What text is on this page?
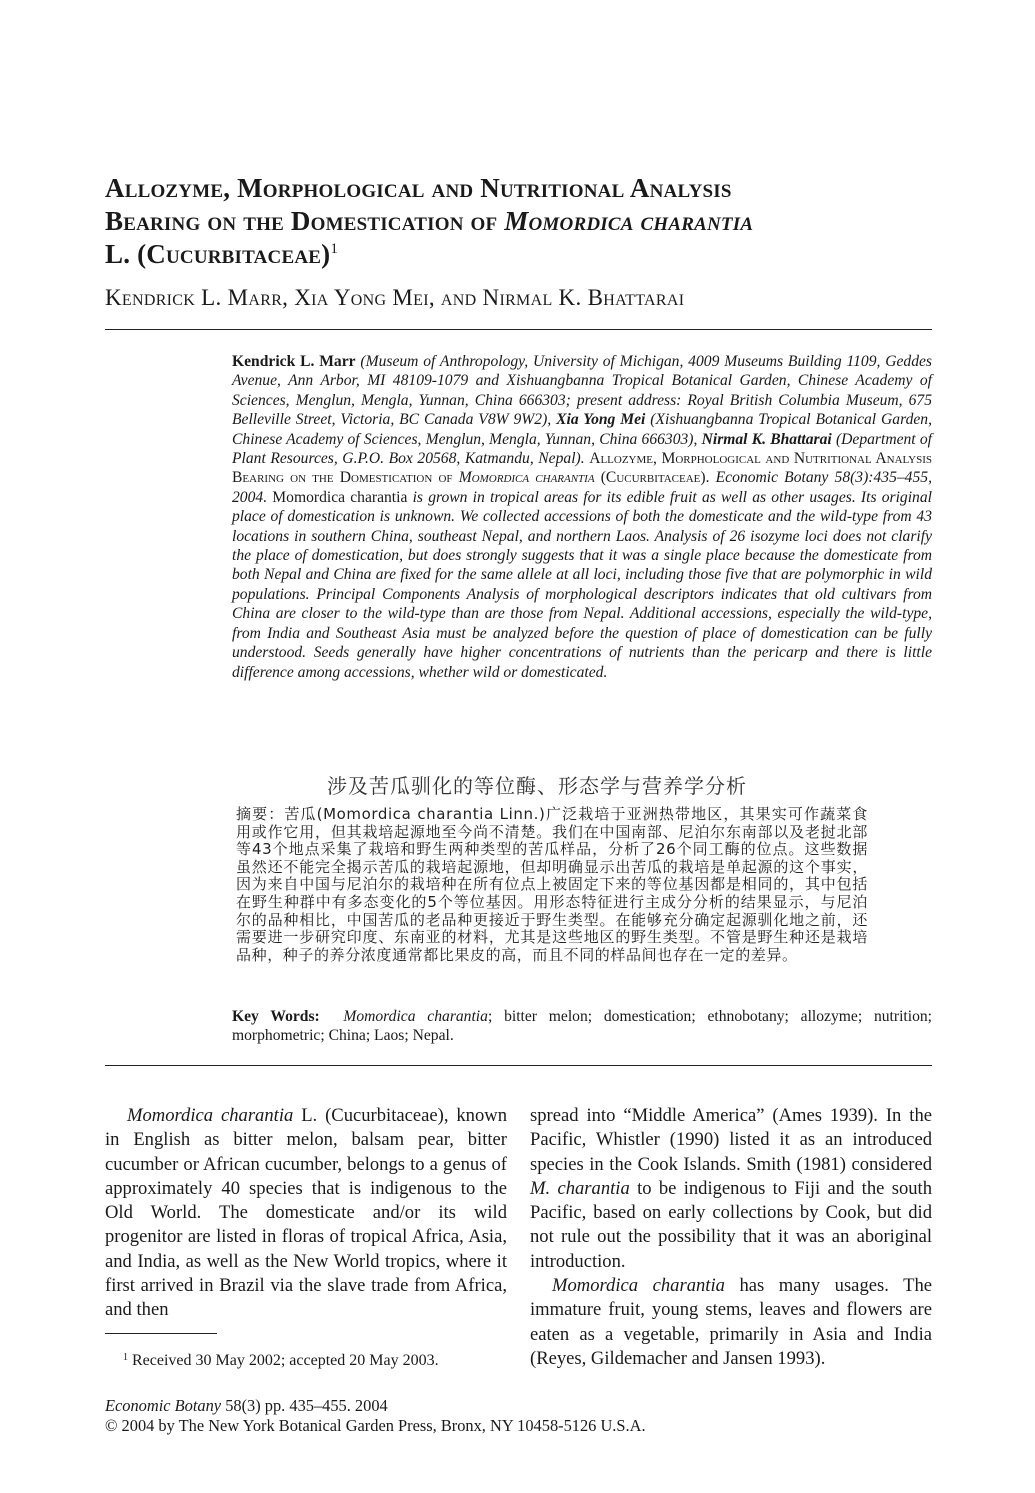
Allozyme, Morphological and Nutritional Analysis
Bearing on the Domestication of Momordica charantia
L. (Cucurbitaceae)$^1$
Kendrick L. Marr, Xia Yong Mei, and Nirmal K. Bhattarai

Kendrick L. Marr (Museum of Anthropology, University of Michigan, 4009 Museums Building 1109, Geddes Avenue, Ann Arbor, MI 48109-1079 and Xishuangbanna Tropical Botanical Garden, Chinese Academy of Sciences, Menglun, Mengla, Yunnan, China 666303; present address: Royal British Columbia Museum, 675 Belleville Street, Victoria, BC Canada V8W 9W2), Xia Yong Mei (Xishuangbanna Tropical Botanical Garden, Chinese Academy of Sciences, Menglun, Mengla, Yunnan, China 666303), Nirmal K. Bhattarai (Department of Plant Resources, G.P.O. Box 20568, Katmandu, Nepal). Allozyme, Morphological and Nutritional Analysis Bearing on the Domestication of Momordica charantia (Cucurbitaceae). Economic Botany 58(3):435–455, 2004. Momordica charantia is grown in tropical areas for its edible fruit as well as other usages. Its original place of domestication is unknown. We collected accessions of both the domesticate and the wild-type from 43 locations in southern China, southeast Nepal, and northern Laos. Analysis of 26 isozyme loci does not clarify the place of domestication, but does strongly suggests that it was a single place because the domesticate from both Nepal and China are fixed for the same allele at all loci, including those five that are polymorphic in wild populations. Principal Components Analysis of morphological descriptors indicates that old cultivars from China are closer to the wild-type than are those from Nepal. Additional accessions, especially the wild-type, from India and Southeast Asia must be analyzed before the question of place of domestication can be fully understood. Seeds generally have higher concentrations of nutrients than the pericarp and there is little difference among accessions, whether wild or domesticated.

涉及苦瓜驯化的等位酶、形态学与营养学分析

摘要：苦瓜(Momordica charantia Linn.)广泛栽培于亚洲热带地区，其果实可作蔬菜食用或作它用，但其栽培起源地至今尚不清楚。我们在中国南部、尼泊尔东南部以及老挝北部等43个地点采集了栽培和野生两种类型的苦瓜样品，分析了26个同工酶的位点。这些数据虽然还不能完全揭示苦瓜的栽培起源地，但却明确显示出苦瓜的栽培是单起源的这个事实，因为来自中国与尼泊尔的栽培种在所有位点上被固定下来的等位基因都是相同的，其中包括在野生种群中有多态变化的5个等位基因。用形态特征进行主成分分析的结果显示，与尼泊尔的品种相比，中国苦瓜的老品种更接近于野生类型。在能够充分确定起源驯化地之前，还需要进一步研究印度、东南亚的材料，尤其是这些地区的野生类型。不管是野生种还是栽培品种，种子的养分浓度通常都比果皮的高，而且不同的样品间也存在一定的差异。

Key Words: Momordica charantia; bitter melon; domestication; ethnobotany; allozyme; nutrition; morphometric; China; Laos; Nepal.

Momordica charantia L. (Cucurbitaceae), known in English as bitter melon, balsam pear, bitter cucumber or African cucumber, belongs to a genus of approximately 40 species that is indigenous to the Old World. The domesticate and/or its wild progenitor are listed in floras of tropical Africa, Asia, and India, as well as the New World tropics, where it first arrived in Brazil via the slave trade from Africa, and then

$^1$ Received 30 May 2002; accepted 20 May 2003.

spread into “Middle America” (Ames 1939). In the Pacific, Whistler (1990) listed it as an introduced species in the Cook Islands. Smith (1981) considered M. charantia to be indigenous to Fiji and the south Pacific, based on early collections by Cook, but did not rule out the possibility that it was an aboriginal introduction.

Momordica charantia has many usages. The immature fruit, young stems, leaves and flowers are eaten as a vegetable, primarily in Asia and India (Reyes, Gildemacher and Jansen 1993).

Economic Botany 58(3) pp. 435–455. 2004

© 2004 by The New York Botanical Garden Press, Bronx, NY 10458-5126 U.S.A.
